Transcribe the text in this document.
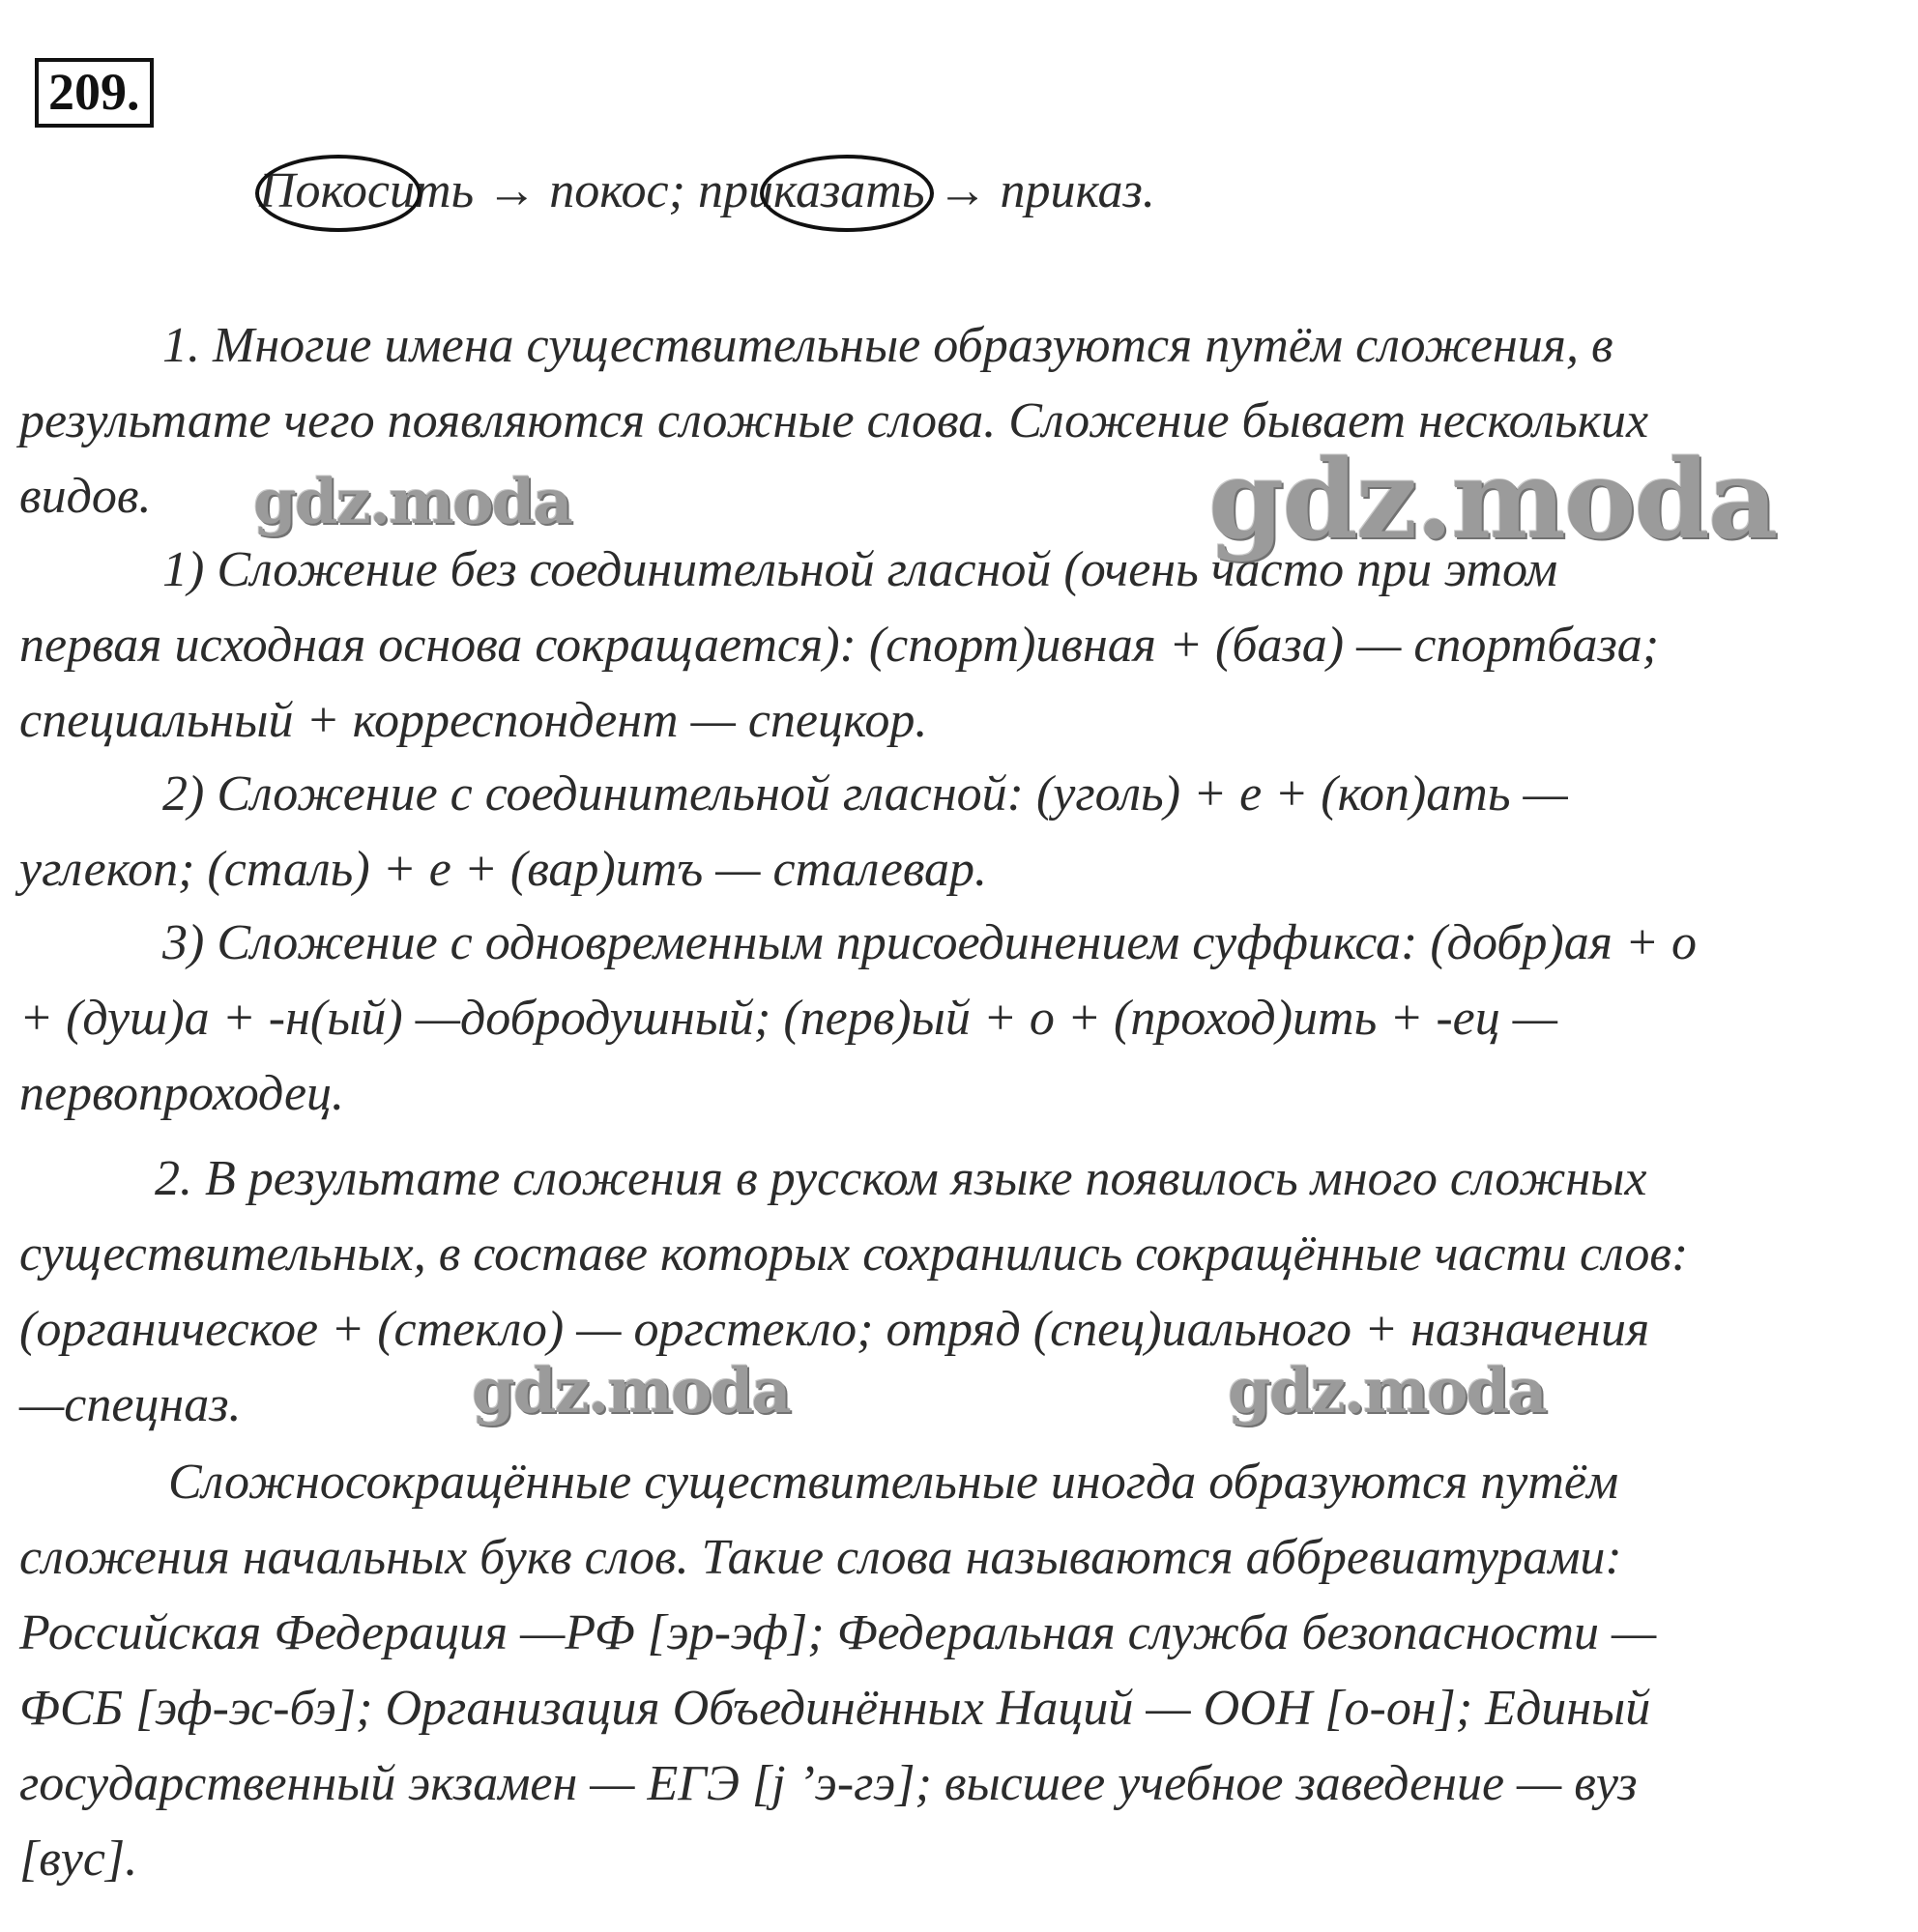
209.
Покосить → покос; приказать → приказ.
1. Многие имена существительные образуются путём сложения, в
результате чего появляются сложные слова. Сложение бывает нескольких
видов.
1) Сложение без соединительной гласной (очень часто при этом
первая исходная основа сокращается): (спорт)ивная + (база) — спортбаза;
специальный + корреспондент — спецкор.
2) Сложение с соединительной гласной: (уголь) + е + (коп)ать —
углекоп; (сталь) + е + (вар)итъ — сталевар.
3) Сложение с одновременным присоединением суффикса: (добр)ая + о
+ (душ)а + -н(ый) —добродушный; (перв)ый + о + (проход)ить + -ец —
первопроходец.
2. В результате сложения в русском языке появилось много сложных
существительных, в составе которых сохранились сокращённые части слов:
(органическое + (стекло) — оргстекло; отряд (спец)иального + назначения
—спецназ.
Сложносокращённые существительные иногда образуются путём
сложения начальных букв слов. Такие слова называются аббревиатурами:
Российская Федерация —РФ [эр-эф]; Федеральная служба безопасности —
ФСБ [эф-эс-бэ]; Организация Объединённых Наций — ООН [о-он]; Единый
государственный экзамен — ЕГЭ [j ’э-гэ]; высшее учебное заведение — вуз
[вус].
gdz.moda	gdz.moda
gdz.moda	gdz.moda
